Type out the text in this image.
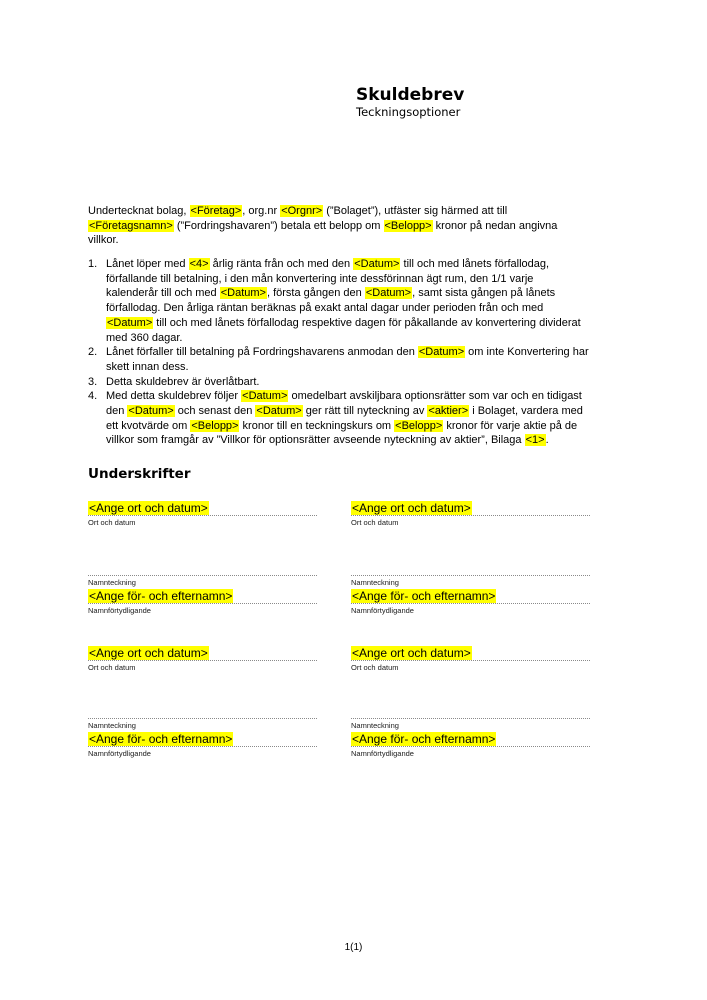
Skuldebrev
Teckningsoptioner
Undertecknat bolag, <Företag>, org.nr <Orgnr> (”Bolaget”), utfäster sig härmed att till
<Företagsnamn> (”Fordringshavaren”) betala ett belopp om <Belopp> kronor på nedan angivna
villkor.
1. Lånet löper med <4> årlig ränta från och med den <Datum> till och med lånets förfallodag,
förfallande till betalning, i den mån konvertering inte dessförinnan ägt rum, den 1/1 varje
kalenderår till och med <Datum>, första gången den <Datum>, samt sista gången på lånets
förfallodag. Den årliga räntan beräknas på exakt antal dagar under perioden från och med
<Datum> till och med lånets förfallodag respektive dagen för påkallande av konvertering dividerat
med 360 dagar.
2. Lånet förfaller till betalning på Fordringshavarens anmodan den <Datum> om inte Konvertering har
skett innan dess.
3. Detta skuldebrev är överlåtbart.
4. Med detta skuldebrev följer <Datum> omedelbart avskiljbara optionsrätter som var och en tidigast
den <Datum> och senast den <Datum> ger rätt till nyteckning av <aktier> i Bolaget, vardera med
ett kvotvärde om <Belopp> kronor till en teckningskurs om <Belopp> kronor för varje aktie på de
villkor som framgår av ”Villkor för optionsrätter avseende nyteckning av aktier”, Bilaga <1>.
Underskrifter
<Ange ort och datum>
Ort och datum
<Ange ort och datum>
Ort och datum
Namnteckning	Namnteckning
<Ange för- och efternamn>
Namnförtydligande
<Ange för- och efternamn>
Namnförtydligande
<Ange ort och datum>
Ort och datum
<Ange ort och datum>
Ort och datum
Namnteckning	Namnteckning
<Ange för- och efternamn>
Namnförtydligande
<Ange för- och efternamn>
Namnförtydligande
1(1)
